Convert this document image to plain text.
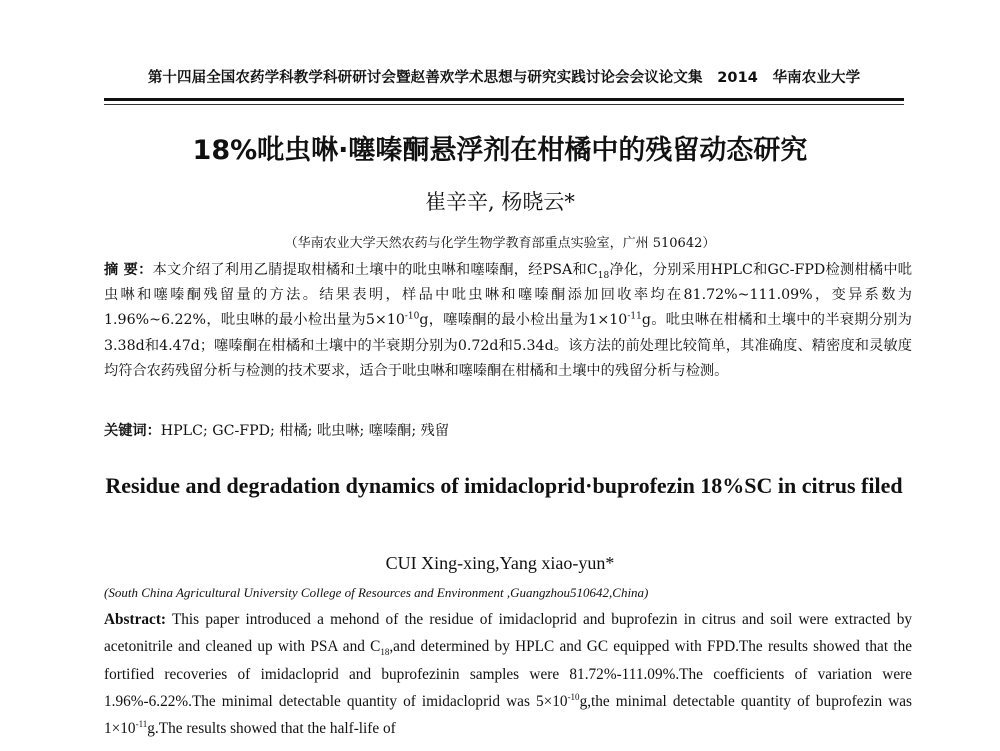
第十四届全国农药学科教学科研研讨会暨赵善欢学术思想与研究实践讨论会会议论文集　2014　华南农业大学
18%吡虫啉·噻嗪酮悬浮剂在柑橘中的残留动态研究
崔辛辛, 杨晓云*
（华南农业大学天然农药与化学生物学教育部重点实验室，广州 510642）

摘 要：本文介绍了利用乙腈提取柑橘和土壤中的吡虫啉和噻嗪酮，经PSA和$C_{18}$净化，分别采用HPLC和GC-FPD检测柑橘中吡虫啉和噻嗪酮残留量的方法。结果表明，样品中吡虫啉和噻嗪酮添加回收率均在81.72%~111.09%，变异系数为1.96%~6.22%，吡虫啉的最小检出量为$5\times 10^{-10}g$，噻嗪酮的最小检出量为$1\times 10^{-11}g$。吡虫啉在柑橘和土壤中的半衰期分别为3.38d和4.47d；噻嗪酮在柑橘和土壤中的半衰期分别为0.72d和5.34d。该方法的前处理比较简单，其准确度、精密度和灵敏度均符合农药残留分析与检测的技术要求，适合于吡虫啉和噻嗪酮在柑橘和土壤中的残留分析与检测。

关键词：HPLC; GC-FPD; 柑橘; 吡虫啉; 噻嗪酮; 残留

Residue and degradation dynamics of imidacloprid·buprofezin 18%SC in citrus filed
CUI Xing-xing,Yang xiao-yun*
(South China Agricultural University College of Resources and Environment ,Guangzhou510642,China)

Abstract: This paper introduced a mehond of the residue of imidacloprid and buprofezin in citrus and soil were extracted by acetonitrile and cleaned up with PSA and $C_{18},and$ determined by HPLC and GC equipped with FPD.The results showed that the fortified recoveries of imidacloprid and buprofezinin samples were 81.72%-111.09%.The coefficients of variation were 1.96%-6.22%.The minimal detectable quantity of imidacloprid was $5\times 10^{-10}g,the$ minimal detectable quantity of buprofezin was $1\times 10^{-11}g.The$ results showed that the half-life of
